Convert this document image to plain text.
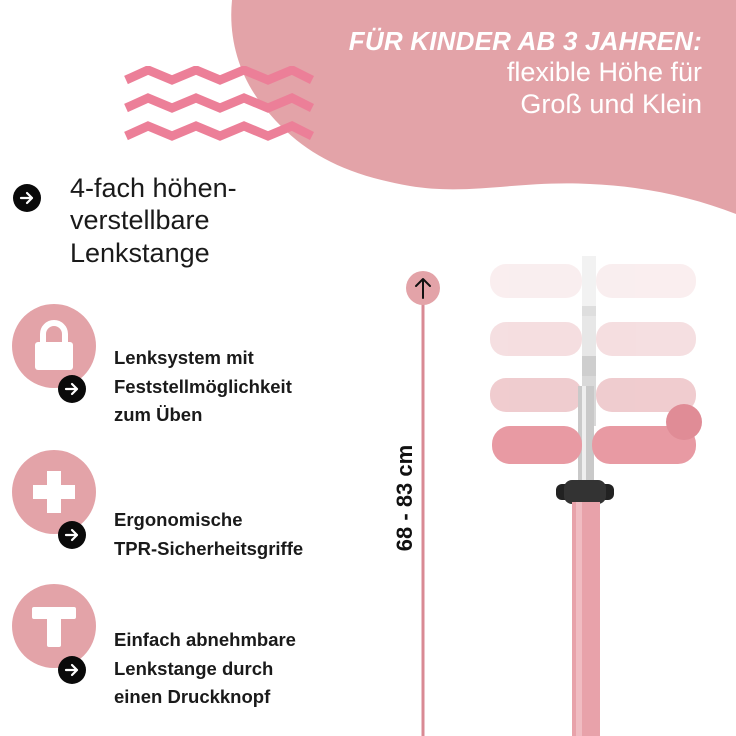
FÜR KINDER AB 3 JAHREN:
flexible Höhe für
Groß und Klein
4-fach höhen-
verstellbare
Lenkstange
Lenksystem mit
Feststellmöglichkeit
zum Üben
Ergonomische
TPR-Sicherheitsgriffe
Einfach abnehmbare
Lenkstange durch
einen Druckknopf
68 - 83 cm
